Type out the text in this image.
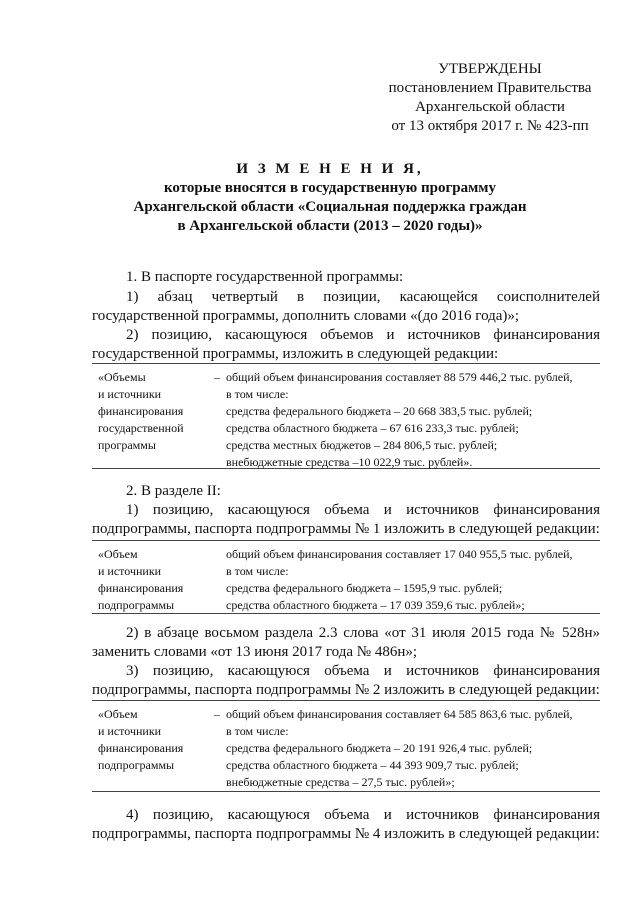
УТВЕРЖДЕНЫ
постановлением Правительства
Архангельской области
от 13 октября 2017 г. № 423-пп
И З М Е Н Е Н И Я,
которые вносятся в государственную программу
Архангельской области «Социальная поддержка граждан
в Архангельской области (2013 – 2020 годы)»
1. В паспорте государственной программы:
1) абзац четвертый в позиции, касающейся соисполнителей
государственной программы, дополнить словами «(до 2016 года)»;
2) позицию, касающуюся объемов и источников финансирования
государственной программы, изложить в следующей редакции:
«Объемы
и источники
финансирования
государственной
программы
– общий объем финансирования составляет 88 579 446,2 тыс. рублей,
в том числе:
средства федерального бюджета – 20 668 383,5 тыс. рублей;
средства областного бюджета – 67 616 233,3 тыс. рублей;
средства местных бюджетов – 284 806,5 тыс. рублей;
внебюджетные средства –10 022,9 тыс. рублей».
2. В разделе II:
1) позицию, касающуюся объема и источников финансирования
подпрограммы, паспорта подпрограммы № 1 изложить в следующей редакции:
«Объем
и источники
финансирования
подпрограммы
общий объем финансирования составляет 17 040 955,5 тыс. рублей,
в том числе:
средства федерального бюджета – 1595,9 тыс. рублей;
средства областного бюджета – 17 039 359,6 тыс. рублей»;
2) в абзаце восьмом раздела 2.3 слова «от 31 июля 2015 года № 528н»
заменить словами «от 13 июня 2017 года № 486н»;
3) позицию, касающуюся объема и источников финансирования
подпрограммы, паспорта подпрограммы № 2 изложить в следующей редакции:
«Объем
и источники
финансирования
подпрограммы
– общий объем финансирования составляет 64 585 863,6 тыс. рублей,
в том числе:
средства федерального бюджета – 20 191 926,4 тыс. рублей;
средства областного бюджета – 44 393 909,7 тыс. рублей;
внебюджетные средства – 27,5 тыс. рублей»;
4) позицию, касающуюся объема и источников финансирования
подпрограммы, паспорта подпрограммы № 4 изложить в следующей редакции:
